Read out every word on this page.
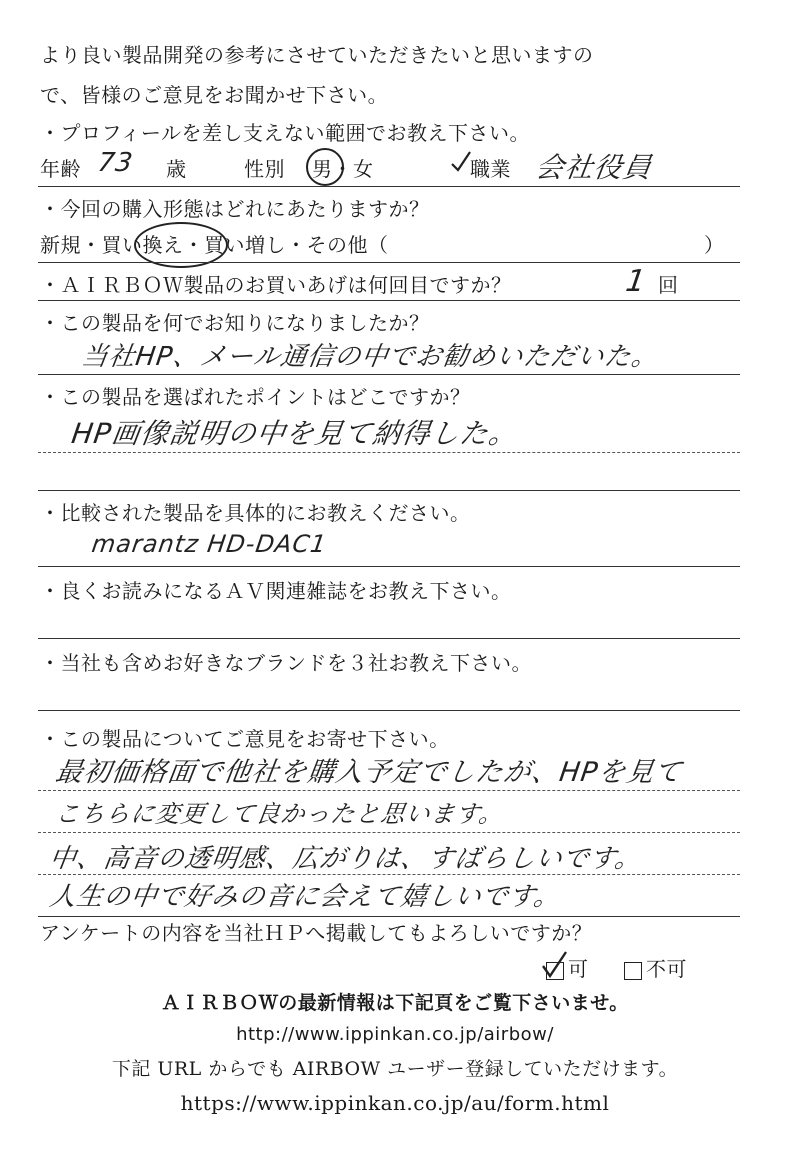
より良い製品開発の参考にさせていただきたいと思いますの
で、皆様のご意見をお聞かせ下さい。
・プロフィールを差し支えない範囲でお教え下さい。
年齢 73 歳	性別 男・女	職業 会社役員
・今回の購入形態はどれにあたりますか？
新規・買い換え・買い増し・その他（	）
・ＡＩＲＢＯＷ製品のお買いあげは何回目ですか？	1 回
・この製品を何でお知りになりましたか？
当社HP、メール通信の中でお勧めいただいた。
・この製品を選ばれたポイントはどこですか？
HP画像説明の中を見て納得した。
・比較された製品を具体的にお教えください。
marantz HD-DAC1
・良くお読みになるＡＶ関連雑誌をお教え下さい。
・当社も含めお好きなブランドを３社お教え下さい。
・この製品についてご意見をお寄せ下さい。
最初価格面で他社を購入予定でしたが、HPを見て
こちらに変更して良かったと思います。
中、高音の透明感、広がりは、すばらしいです。
人生の中で好みの音に会えて嬉しいです。
アンケートの内容を当社ＨＰへ掲載してもよろしいですか？
可	不可
ＡＩＲＢＯＷの最新情報は下記頁をご覧下さいませ。
http://www.ippinkan.co.jp/airbow/
下記 URL からでも AIRBOW ユーザー登録していただけます。
https://www.ippinkan.co.jp/au/form.html
